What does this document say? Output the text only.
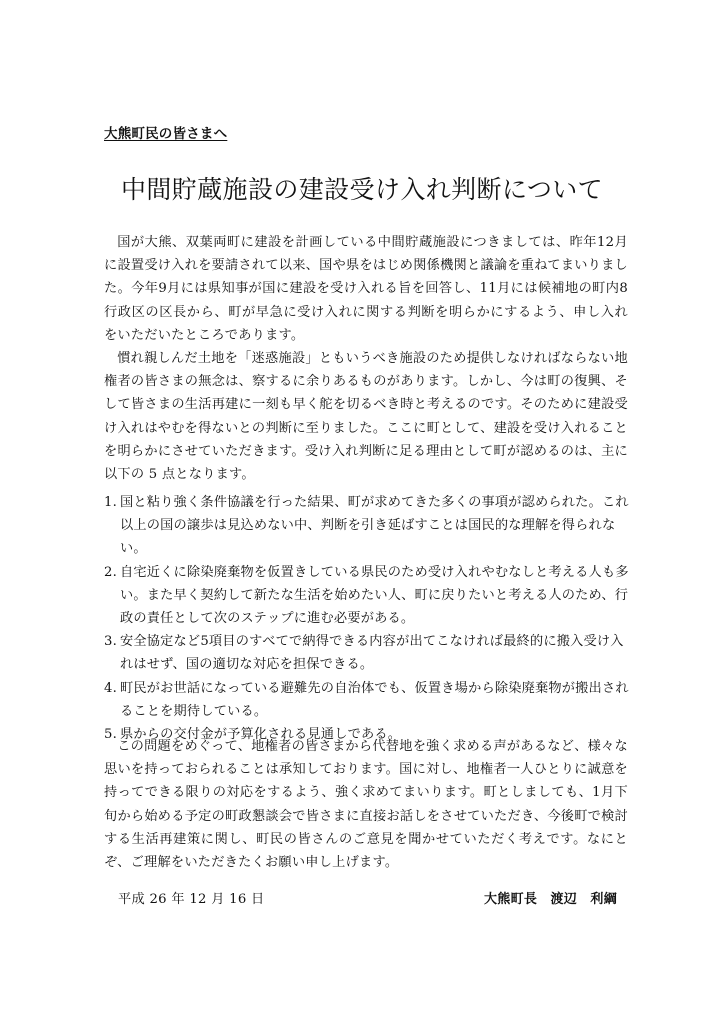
大熊町民の皆さまへ
中間貯蔵施設の建設受け入れ判断について

国が大熊、双葉両町に建設を計画している中間貯蔵施設につきましては、昨年12月に設置受け入れを要請されて以来、国や県をはじめ関係機関と議論を重ねてまいりました。今年9月には県知事が国に建設を受け入れる旨を回答し、11月には候補地の町内8行政区の区長から、町が早急に受け入れに関する判断を明らかにするよう、申し入れをいただいたところであります。

慣れ親しんだ土地を「迷惑施設」ともいうべき施設のため提供しなければならない地権者の皆さまの無念は、察するに余りあるものがあります。しかし、今は町の復興、そして皆さまの生活再建に一刻も早く舵を切るべき時と考えるのです。そのために建設受け入れはやむを得ないとの判断に至りました。ここに町として、建設を受け入れることを明らかにさせていただきます。受け入れ判断に足る理由として町が認めるのは、主に以下の 5 点となります。

1. 国と粘り強く条件協議を行った結果、町が求めてきた多くの事項が認められた。これ以上の国の譲歩は見込めない中、判断を引き延ばすことは国民的な理解を得られない。
2. 自宅近くに除染廃棄物を仮置きしている県民のため受け入れやむなしと考える人も多い。また早く契約して新たな生活を始めたい人、町に戻りたいと考える人のため、行政の責任として次のステップに進む必要がある。
3. 安全協定など5項目のすべてで納得できる内容が出てこなければ最終的に搬入受け入れはせず、国の適切な対応を担保できる。
4. 町民がお世話になっている避難先の自治体でも、仮置き場から除染廃棄物が搬出されることを期待している。
5. 県からの交付金が予算化される見通しである。

この問題をめぐって、地権者の皆さまから代替地を強く求める声があるなど、様々な思いを持っておられることは承知しております。国に対し、地権者一人ひとりに誠意を持ってできる限りの対応をするよう、強く求めてまいります。町としましても、1月下旬から始める予定の町政懇談会で皆さまに直接お話しをさせていただき、今後町で検討する生活再建策に関し、町民の皆さんのご意見を聞かせていただく考えです。なにとぞ、ご理解をいただきたくお願い申し上げます。

平成 26 年 12 月 16 日	大熊町長　渡辺　利綱
